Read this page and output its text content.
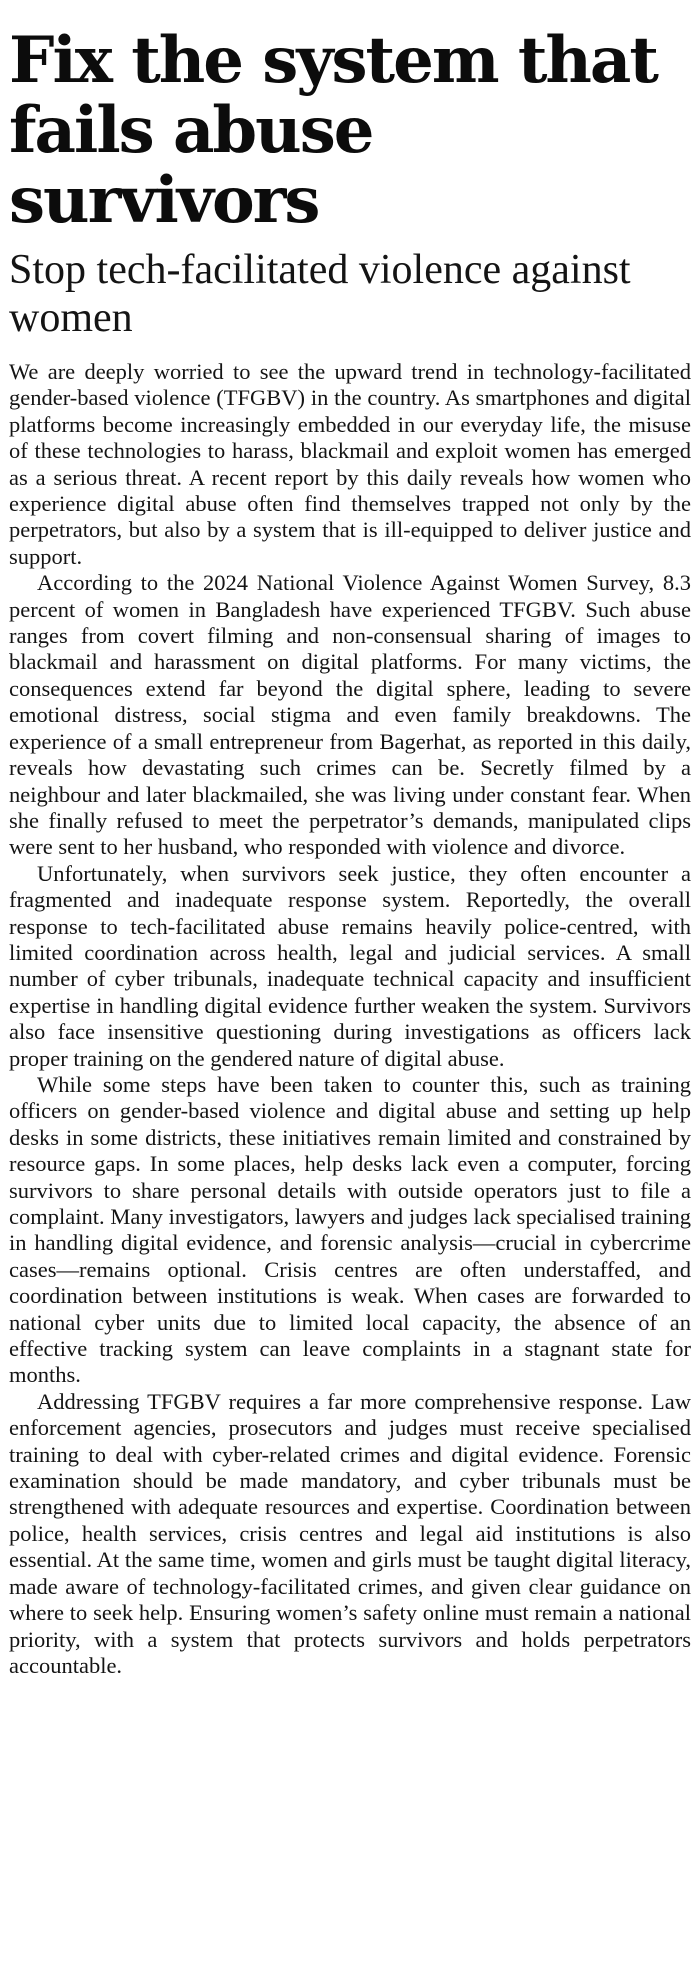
Fix the system that fails abuse survivors
Stop tech-facilitated violence against women

We are deeply worried to see the upward trend in technology-facilitated gender-based violence (TFGBV) in the country. As smartphones and digital platforms become increasingly embedded in our everyday life, the misuse of these technologies to harass, blackmail and exploit women has emerged as a serious threat. A recent report by this daily reveals how women who experience digital abuse often find themselves trapped not only by the perpetrators, but also by a system that is ill-equipped to deliver justice and support.

According to the 2024 National Violence Against Women Survey, 8.3 percent of women in Bangladesh have experienced TFGBV. Such abuse ranges from covert filming and non-consensual sharing of images to blackmail and harassment on digital platforms. For many victims, the consequences extend far beyond the digital sphere, leading to severe emotional distress, social stigma and even family breakdowns. The experience of a small entrepreneur from Bagerhat, as reported in this daily, reveals how devastating such crimes can be. Secretly filmed by a neighbour and later blackmailed, she was living under constant fear. When she finally refused to meet the perpetrator’s demands, manipulated clips were sent to her husband, who responded with violence and divorce.

Unfortunately, when survivors seek justice, they often encounter a fragmented and inadequate response system. Reportedly, the overall response to tech-facilitated abuse remains heavily police-centred, with limited coordination across health, legal and judicial services. A small number of cyber tribunals, inadequate technical capacity and insufficient expertise in handling digital evidence further weaken the system. Survivors also face insensitive questioning during investigations as officers lack proper training on the gendered nature of digital abuse.

While some steps have been taken to counter this, such as training officers on gender-based violence and digital abuse and setting up help desks in some districts, these initiatives remain limited and constrained by resource gaps. In some places, help desks lack even a computer, forcing survivors to share personal details with outside operators just to file a complaint. Many investigators, lawyers and judges lack specialised training in handling digital evidence, and forensic analysis—crucial in cybercrime cases—remains optional. Crisis centres are often understaffed, and coordination between institutions is weak. When cases are forwarded to national cyber units due to limited local capacity, the absence of an effective tracking system can leave complaints in a stagnant state for months.

Addressing TFGBV requires a far more comprehensive response. Law enforcement agencies, prosecutors and judges must receive specialised training to deal with cyber-related crimes and digital evidence. Forensic examination should be made mandatory, and cyber tribunals must be strengthened with adequate resources and expertise. Coordination between police, health services, crisis centres and legal aid institutions is also essential. At the same time, women and girls must be taught digital literacy, made aware of technology-facilitated crimes, and given clear guidance on where to seek help. Ensuring women’s safety online must remain a national priority, with a system that protects survivors and holds perpetrators accountable.
